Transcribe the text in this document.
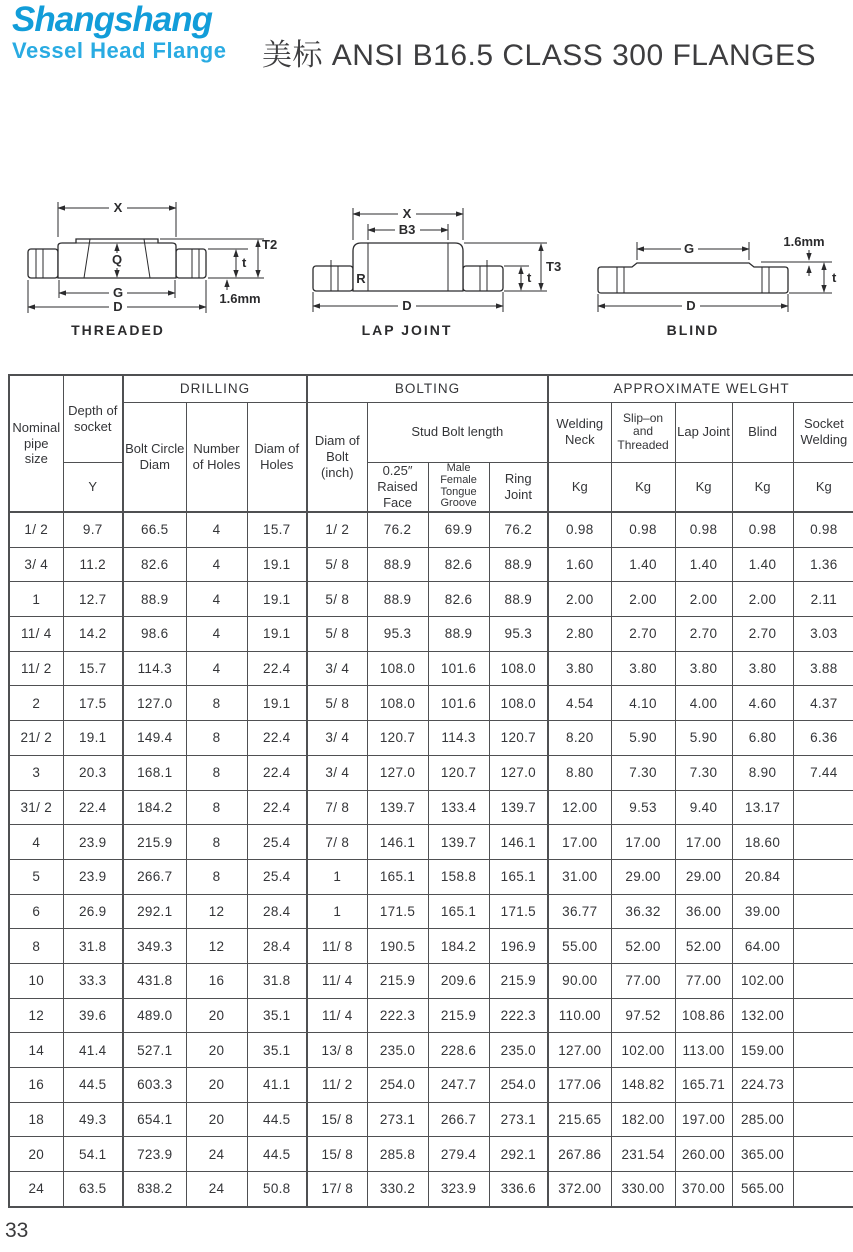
Shangshang
Vessel Head Flange	美标 ANSI B16.5 CLASS 300 FLANGES
X
Q
G
D
t
T2
1.6mm
THREADED
X
B3
R
D
t
T3
LAP JOINT
G	1.6mm
D
t
BLIND
Nominal pipe size	Depth of socket	DRILLING			BOLTING				APPROXIMATE WELGHT				
		Bolt Circle Diam	Number of Holes	Diam of Holes	Diam of Bolt (inch)	Stud Bolt length			Welding Neck	Slip–on and Threaded	Lap Joint	Blind	Socket Welding
	Y					0.25″ Raised Face	Male Female Tongue Groove	Ring Joint	Kg	Kg	Kg	Kg	Kg
1/ 2	9.7	66.5	4	15.7	1/ 2	76.2	69.9	76.2	0.98	0.98	0.98	0.98	0.98
3/ 4	11.2	82.6	4	19.1	5/ 8	88.9	82.6	88.9	1.60	1.40	1.40	1.40	1.36
1	12.7	88.9	4	19.1	5/ 8	88.9	82.6	88.9	2.00	2.00	2.00	2.00	2.11
11/ 4	14.2	98.6	4	19.1	5/ 8	95.3	88.9	95.3	2.80	2.70	2.70	2.70	3.03
11/ 2	15.7	114.3	4	22.4	3/ 4	108.0	101.6	108.0	3.80	3.80	3.80	3.80	3.88
2	17.5	127.0	8	19.1	5/ 8	108.0	101.6	108.0	4.54	4.10	4.00	4.60	4.37
21/ 2	19.1	149.4	8	22.4	3/ 4	120.7	114.3	120.7	8.20	5.90	5.90	6.80	6.36
3	20.3	168.1	8	22.4	3/ 4	127.0	120.7	127.0	8.80	7.30	7.30	8.90	7.44
31/ 2	22.4	184.2	8	22.4	7/ 8	139.7	133.4	139.7	12.00	9.53	9.40	13.17	
4	23.9	215.9	8	25.4	7/ 8	146.1	139.7	146.1	17.00	17.00	17.00	18.60	
5	23.9	266.7	8	25.4	1	165.1	158.8	165.1	31.00	29.00	29.00	20.84	
6	26.9	292.1	12	28.4	1	171.5	165.1	171.5	36.77	36.32	36.00	39.00	
8	31.8	349.3	12	28.4	11/ 8	190.5	184.2	196.9	55.00	52.00	52.00	64.00	
10	33.3	431.8	16	31.8	11/ 4	215.9	209.6	215.9	90.00	77.00	77.00	102.00	
12	39.6	489.0	20	35.1	11/ 4	222.3	215.9	222.3	110.00	97.52	108.86	132.00	
14	41.4	527.1	20	35.1	13/ 8	235.0	228.6	235.0	127.00	102.00	113.00	159.00	
16	44.5	603.3	20	41.1	11/ 2	254.0	247.7	254.0	177.06	148.82	165.71	224.73	
18	49.3	654.1	20	44.5	15/ 8	273.1	266.7	273.1	215.65	182.00	197.00	285.00	
20	54.1	723.9	24	44.5	15/ 8	285.8	279.4	292.1	267.86	231.54	260.00	365.00	
24	63.5	838.2	24	50.8	17/ 8	330.2	323.9	336.6	372.00	330.00	370.00	565.00	
33
